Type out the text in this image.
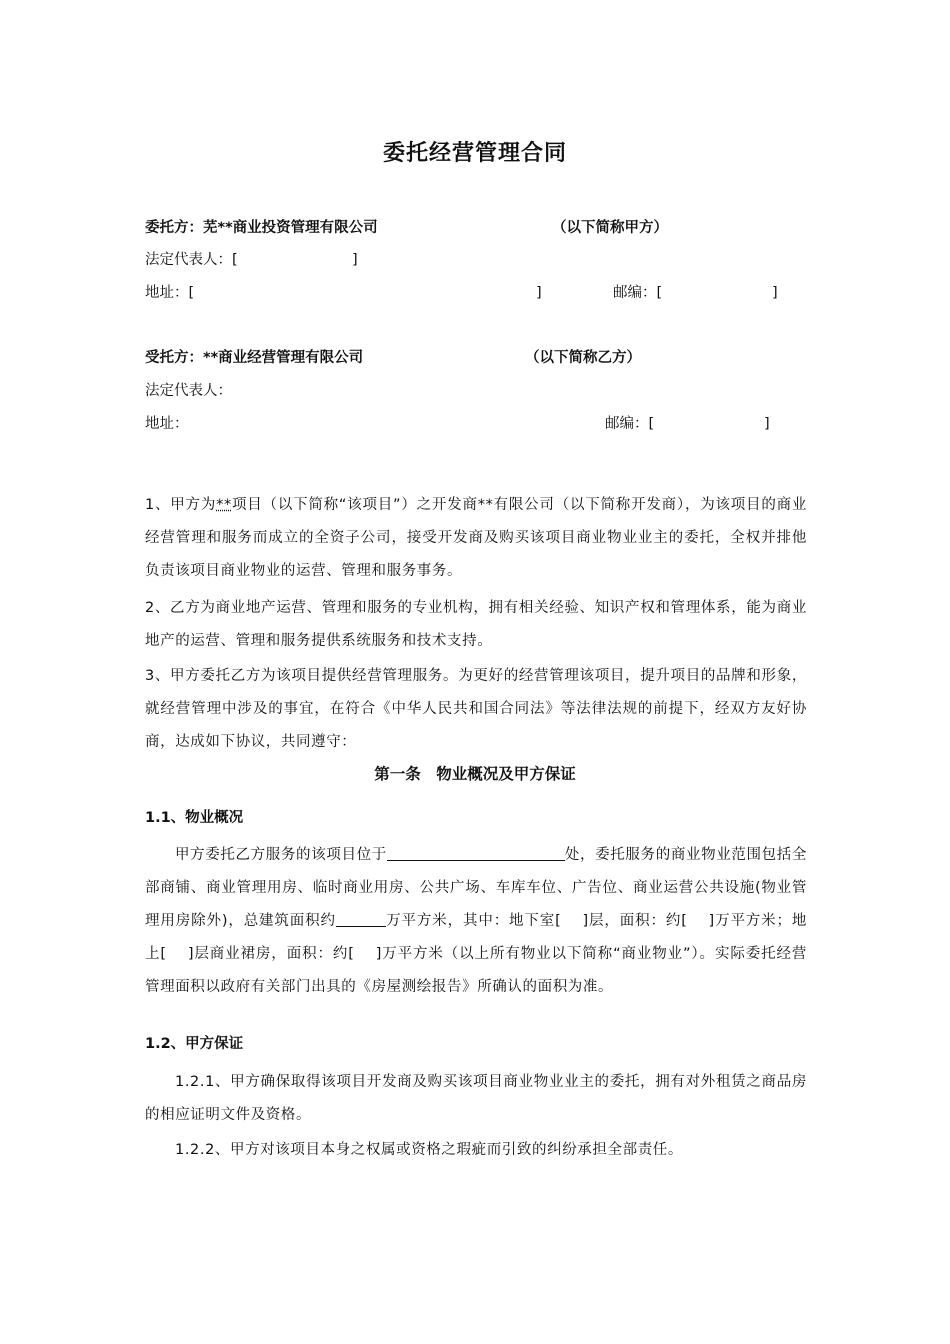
委托经营管理合同
委托方：芜**商业投资管理有限公司	（以下简称甲方）
法定代表人：[	]
地址：[	]	邮编：[	]
受托方：**商业经营管理有限公司	（以下简称乙方）
法定代表人：
地址：	邮编：[	]
1、甲方为**项目（以下简称“该项目”）之开发商**有限公司（以下简称开发商），为该项目的商业经营管理和服务而成立的全资子公司，接受开发商及购买该项目商业物业业主的委托，全权并排他负责该项目商业物业的运营、管理和服务事务。
2、乙方为商业地产运营、管理和服务的专业机构，拥有相关经验、知识产权和管理体系，能为商业地产的运营、管理和服务提供系统服务和技术支持。
3、甲方委托乙方为该项目提供经营管理服务。为更好的经营管理该项目，提升项目的品牌和形象，就经营管理中涉及的事宜，在符合《中华人民共和国合同法》等法律法规的前提下，经双方友好协商，达成如下协议，共同遵守：
第一条　物业概况及甲方保证
1.1、物业概况
甲方委托乙方服务的该项目位于	处，委托服务的商业物业范围包括全部商铺、商业管理用房、临时商业用房、公共广场、车库车位、广告位、商业运营公共设施(物业管理用房除外)，总建筑面积约	万平方米，其中：地下室[　 ]层，面积：约[　 ]万平方米；地上[　 ]层商业裙房，面积：约[　 ]万平方米（以上所有物业以下简称“商业物业”）。实际委托经营管理面积以政府有关部门出具的《房屋测绘报告》所确认的面积为准。
1.2、甲方保证
1.2.1、甲方确保取得该项目开发商及购买该项目商业物业业主的委托，拥有对外租赁之商品房的相应证明文件及资格。
1.2.2、甲方对该项目本身之权属或资格之瑕疵而引致的纠纷承担全部责任。
